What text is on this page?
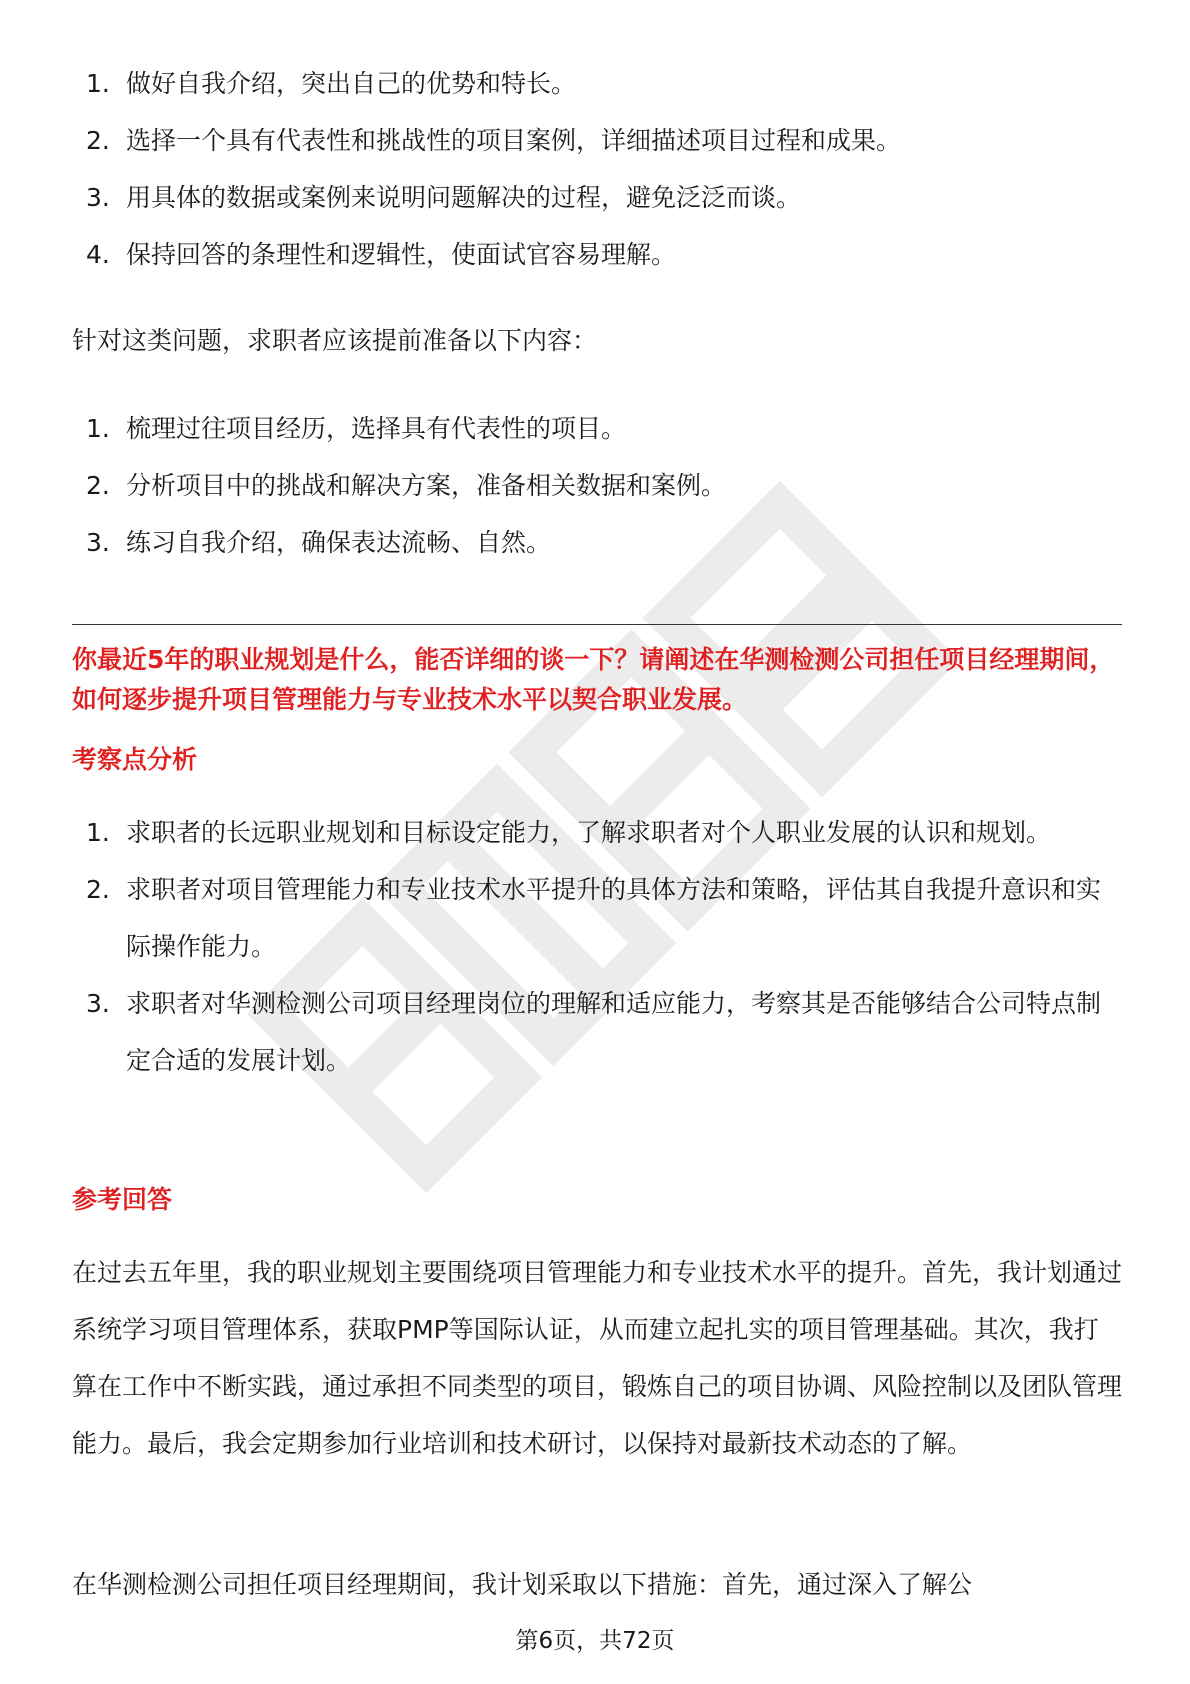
1. 做好自我介绍，突出自己的优势和特长。
2. 选择一个具有代表性和挑战性的项目案例，详细描述项目过程和成果。
3. 用具体的数据或案例来说明问题解决的过程，避免泛泛而谈。
4. 保持回答的条理性和逻辑性，使面试官容易理解。
针对这类问题，求职者应该提前准备以下内容：
1. 梳理过往项目经历，选择具有代表性的项目。
2. 分析项目中的挑战和解决方案，准备相关数据和案例。
3. 练习自我介绍，确保表达流畅、自然。
你最近5年的职业规划是什么，能否详细的谈一下？请阐述在华测检测公司担任项目经理期间，如何逐步提升项目管理能力与专业技术水平以契合职业发展。
考察点分析
1. 求职者的长远职业规划和目标设定能力，了解求职者对个人职业发展的认识和规划。
2. 求职者对项目管理能力和专业技术水平提升的具体方法和策略，评估其自我提升意识和实际操作能力。
3. 求职者对华测检测公司项目经理岗位的理解和适应能力，考察其是否能够结合公司特点制定合适的发展计划。
参考回答
在过去五年里，我的职业规划主要围绕项目管理能力和专业技术水平的提升。首先，我计划通过系统学习项目管理体系，获取PMP等国际认证，从而建立起扎实的项目管理基础。其次，我打算在工作中不断实践，通过承担不同类型的项目，锻炼自己的项目协调、风险控制以及团队管理能力。最后，我会定期参加行业培训和技术研讨，以保持对最新技术动态的了解。
在华测检测公司担任项目经理期间，我计划采取以下措施：首先，通过深入了解公
第6页，共72页
